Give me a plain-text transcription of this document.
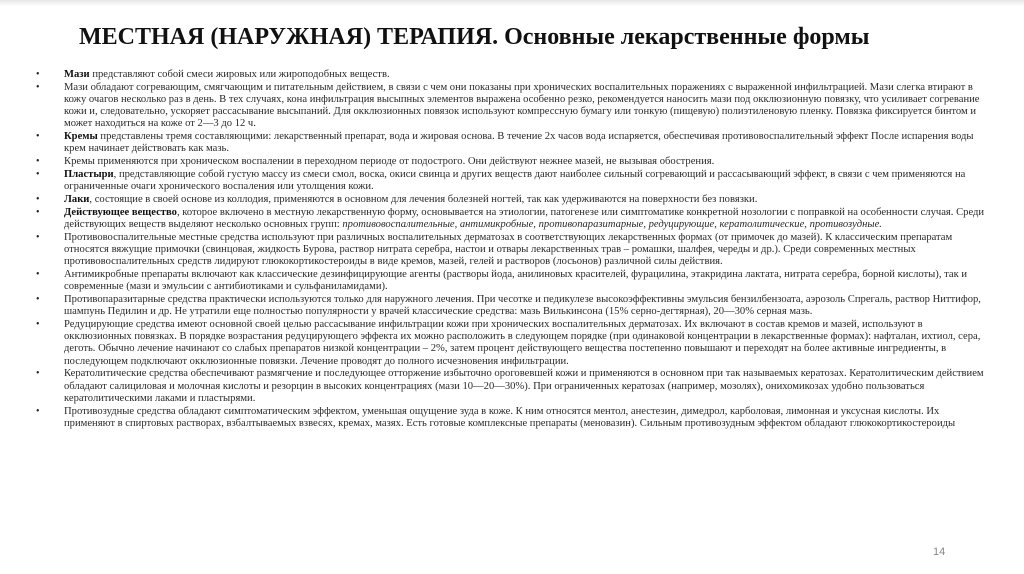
МЕСТНАЯ (НАРУЖНАЯ) ТЕРАПИЯ. Основные лекарственные формы
•	Мази представляют собой смеси жировых или жироподобных веществ.
•	Мази обладают согревающим, смягчающим и питательным действием, в связи с чем они показаны при хронических воспалительных поражениях с выраженной инфильтрацией. Мази слегка втирают в кожу очагов несколько раз в день. В тех случаях, кона инфильтрация высыпных элементов выражена особенно резко, рекомендуется наносить мази под окклюзионную повязку, что усиливает согревание кожи и, следовательно, ускоряет рассасывание высыпаний. Для окклюзионных повязок используют компрессную бумагу или тонкую (пищевую) полиэтиленовую пленку. Повязка фиксируется бинтом и может находиться на коже от 2—3 до 12 ч.
•	Кремы представлены тремя составляющими: лекарственный препарат, вода и жировая основа. В течение 2х часов вода испаряется, обеспечивая противовоспалительный эффект После испарения воды крем начинает действовать как мазь.
•	Кремы применяются при хроническом воспалении в переходном периоде от подострого. Они действуют нежнее мазей, не вызывая обострения.
•	Пластыри, представляющие собой густую массу из смеси смол, воска, окиси свинца и других веществ дают наиболее сильный согревающий и рассасывающий эффект, в связи с чем применяются на ограниченные очаги хронического воспаления или утолщения кожи.
•	Лаки, состоящие в своей основе из коллодия, применяются в основном для лечения болезней ногтей, так как удерживаются на поверхности без повязки.
•	Действующее вещество, которое включено в местную лекарственную форму, основывается на этиологии, патогенезе или симптоматике конкретной нозологии с поправкой на особенности случая. Среди действующих веществ выделяют несколько основных групп: противовоспалительные, антимикробные, противопаразитарные, редуцирующие, кератолитические, противозудные.
•	Противовоспалительные местные средства используют при различных воспалительных дерматозах в соответствующих лекарственных формах (от примочек до мазей). К классическим препаратам относятся вяжущие примочки (свинцовая, жидкость Бурова, раствор нитрата серебра, настои и отвары лекарственных трав – ромашки, шалфея, череды и др.). Среди современных местных противовоспалительных средств лидируют глюкокортикостероиды в виде кремов, мазей, гелей и растворов (лосьонов) различной силы действия.
•	Антимикробные препараты включают как классические дезинфицирующие агенты (растворы йода, анилиновых красителей, фурацилина, этакридина лактата, нитрата серебра, борной кислоты), так и современные (мази и эмульсии с антибиотиками и сульфаниламидами).
•	Противопаразитарные средства практически используются только для наружного лечения. При чесотке и педикулезе высокоэффективны эмульсия бензилбензоата, аэрозоль Спрегаль, раствор Ниттифор, шампунь Педилин и др. Не утратили еще полностью популярности у врачей классические средства: мазь Вилькинсона (15% серно-дегтярная), 20—30% серная мазь.
•	Редуцирующие средства имеют основной своей целью рассасывание инфильтрации кожи при хронических воспалительных дерматозах. Их включают в состав кремов и мазей, используют в окклюзионных повязках. В порядке возрастания редуцирующего эффекта их можно расположить в следующем порядке (при одинаковой концентрации в лекарственные формах): нафталан, ихтиол, сера, деготь. Обычно лечение начинают со слабых препаратов низкой концентрации – 2%, затем процент действующего вещества постепенно повышают и переходят на более активные ингредиенты, в последующем подключают окклюзионные повязки. Лечение проводят до полного исчезновения инфильтрации.
•	Кератолитические средства обеспечивают размягчение и последующее отторжение избыточно ороговевшей кожи и применяются в основном при так называемых кератозах. Кератолитическим действием обладают салициловая и молочная кислоты и резорцин в высоких концентрациях (мази 10—20—30%). При ограниченных кератозах (например, мозолях), онихомикозах удобно пользоваться кератолитическими лаками и пластырями.
•	Противозудные средства обладают симптоматическим эффектом, уменьшая ощущение зуда в коже. К ним относятся ментол, анестезин, димедрол, карболовая, лимонная и уксусная кислоты. Их применяют в спиртовых растворах, взбалтываемых взвесях, кремах, мазях. Есть готовые комплексные препараты (меновазин). Сильным противозудным эффектом обладают глюкокортикостероиды
14
